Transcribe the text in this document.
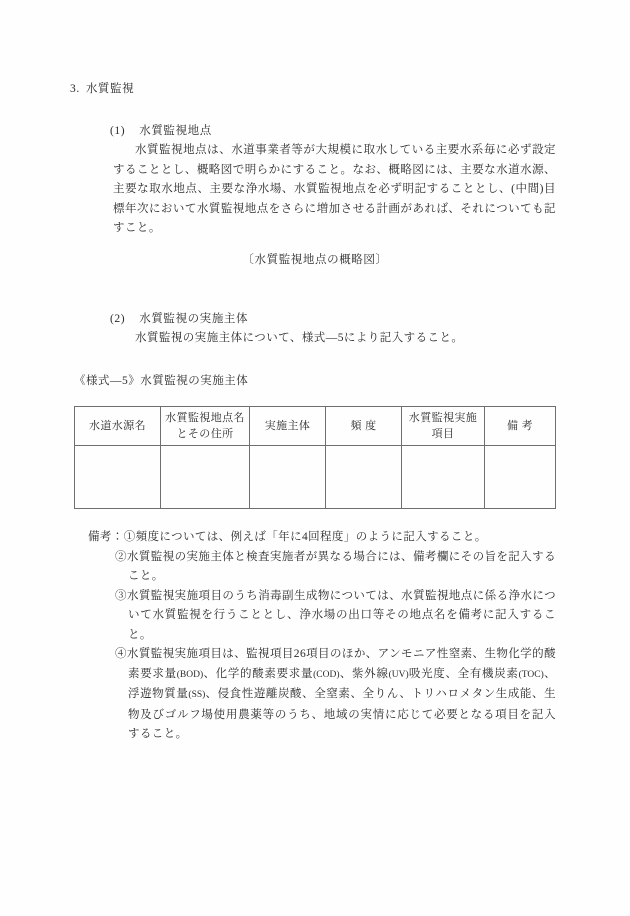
3. 水質監視
(1) 水質監視地点
水質監視地点は、水道事業者等が大規模に取水している主要水系毎に必ず設定することとし、概略図で明らかにすること。なお、概略図には、主要な水道水源、主要な取水地点、主要な浄水場、水質監視地点を必ず明記することとし、(中間)目標年次において水質監視地点をさらに増加させる計画があれば、それについても記すこと。
〔水質監視地点の概略図〕
(2) 水質監視の実施主体
水質監視の実施主体について、様式—5により記入すること。
《様式—5》水質監視の実施主体
水道水源名	水質監視地点名とその住所	実施主体	頻 度	水質監視実施項目	備 考

備考： ①頻度については、例えば「年に4回程度」のように記入すること。
②水質監視の実施主体と検査実施者が異なる場合には、備考欄にその旨を記入すること。
③水質監視実施項目のうち消毒副生成物については、水質監視地点に係る浄水について水質監視を行うこととし、浄水場の出口等その地点名を備考に記入すること。
④水質監視実施項目は、監視項目26項目のほか、アンモニア性窒素、生物化学的酸素要求量(BOD)、化学的酸素要求量(COD)、紫外線(UV)吸光度、全有機炭素(TOC)、浮遊物質量(SS)、侵食性遊離炭酸、全窒素、全りん、トリハロメタン生成能、生物及びゴルフ場使用農薬等のうち、地域の実情に応じて必要となる項目を記入すること。
